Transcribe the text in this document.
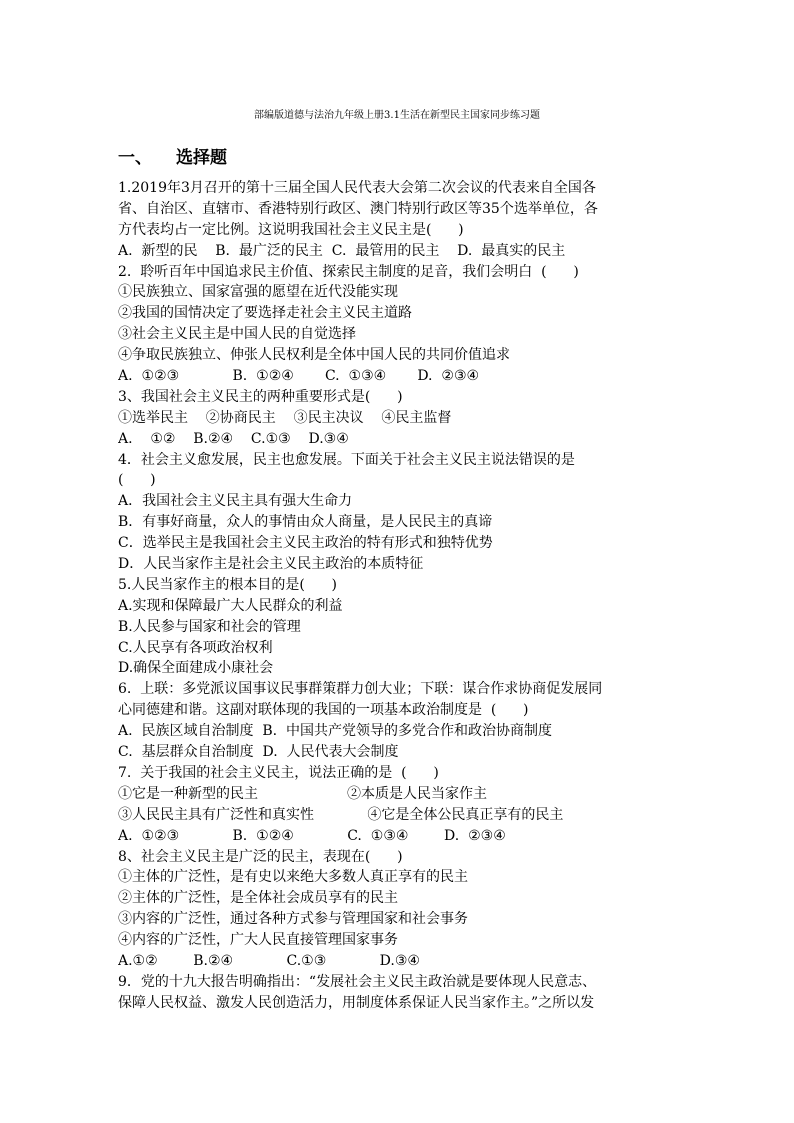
部编版道德与法治九年级上册3.1生活在新型民主国家同步练习题
一、 选择题
1.2019年3月召开的第十三届全国人民代表大会第二次会议的代表来自全国各
省、自治区、直辖市、香港特别行政区、澳门特别行政区等35个选举单位，各
方代表均占一定比例。这说明我国社会主义民主是(      )
A.  新型的民    B.  最广泛的民主  C.  最管用的民主    D.  最真实的民主
2.  聆听百年中国追求民主价值、探索民主制度的足音，我们会明白  (      )
①民族独立、国家富强的愿望在近代没能实现
②我国的国情决定了要选择走社会主义民主道路
③社会主义民主是中国人民的自觉选择
④争取民族独立、伸张人民权利是全体中国人民的共同价值追求
A.  ①②③            B.  ①②④       C.  ①③④       D.  ②③④
3、我国社会主义民主的两种重要形式是(      )
①选举民主    ②协商民主    ③民主决议    ④民主监督
A.    ①②    B.②④    C.①③    D.③④
4．社会主义愈发展，民主也愈发展。下面关于社会主义民主说法错误的是
(      )
A．我国社会主义民主具有强大生命力
B．有事好商量，众人的事情由众人商量，是人民民主的真谛
C．选举民主是我国社会主义民主政治的特有形式和独特优势
D．人民当家作主是社会主义民主政治的本质特征
5.人民当家作主的根本目的是(      )
A.实现和保障最广大人民群众的利益
B.人民参与国家和社会的管理
C.人民享有各项政治权利
D.确保全面建成小康社会
6.  上联：多党派议国事议民事群策群力创大业；下联：谋合作求协商促发展同
心同德建和谐。这副对联体现的我国的一项基本政治制度是  (      )
A.  民族区域自治制度  B.  中国共产党领导的多党合作和政治协商制度
C.  基层群众自治制度  D.  人民代表大会制度
7.  关于我国的社会主义民主，说法正确的是  (      )
①它是一种新型的民主                    ②本质是人民当家作主
③人民民主具有广泛性和真实性            ④它是全体公民真正享有的民主
A.  ①②③            B.  ①②④            C.  ①③④        D.  ②③④
8、社会主义民主是广泛的民主，表现在(      )
①主体的广泛性，是有史以来绝大多数人真正享有的民主
②主体的广泛性，是全体社会成员享有的民主
③内容的广泛性，通过各种方式参与管理国家和社会事务
④内容的广泛性，广大人民直接管理国家事务
A.①②        B.②④            C.①③            D.③④
9．党的十九大报告明确指出：“发展社会主义民主政治就是要体现人民意志、
保障人民权益、激发人民创造活力，用制度体系保证人民当家作主。”之所以发
